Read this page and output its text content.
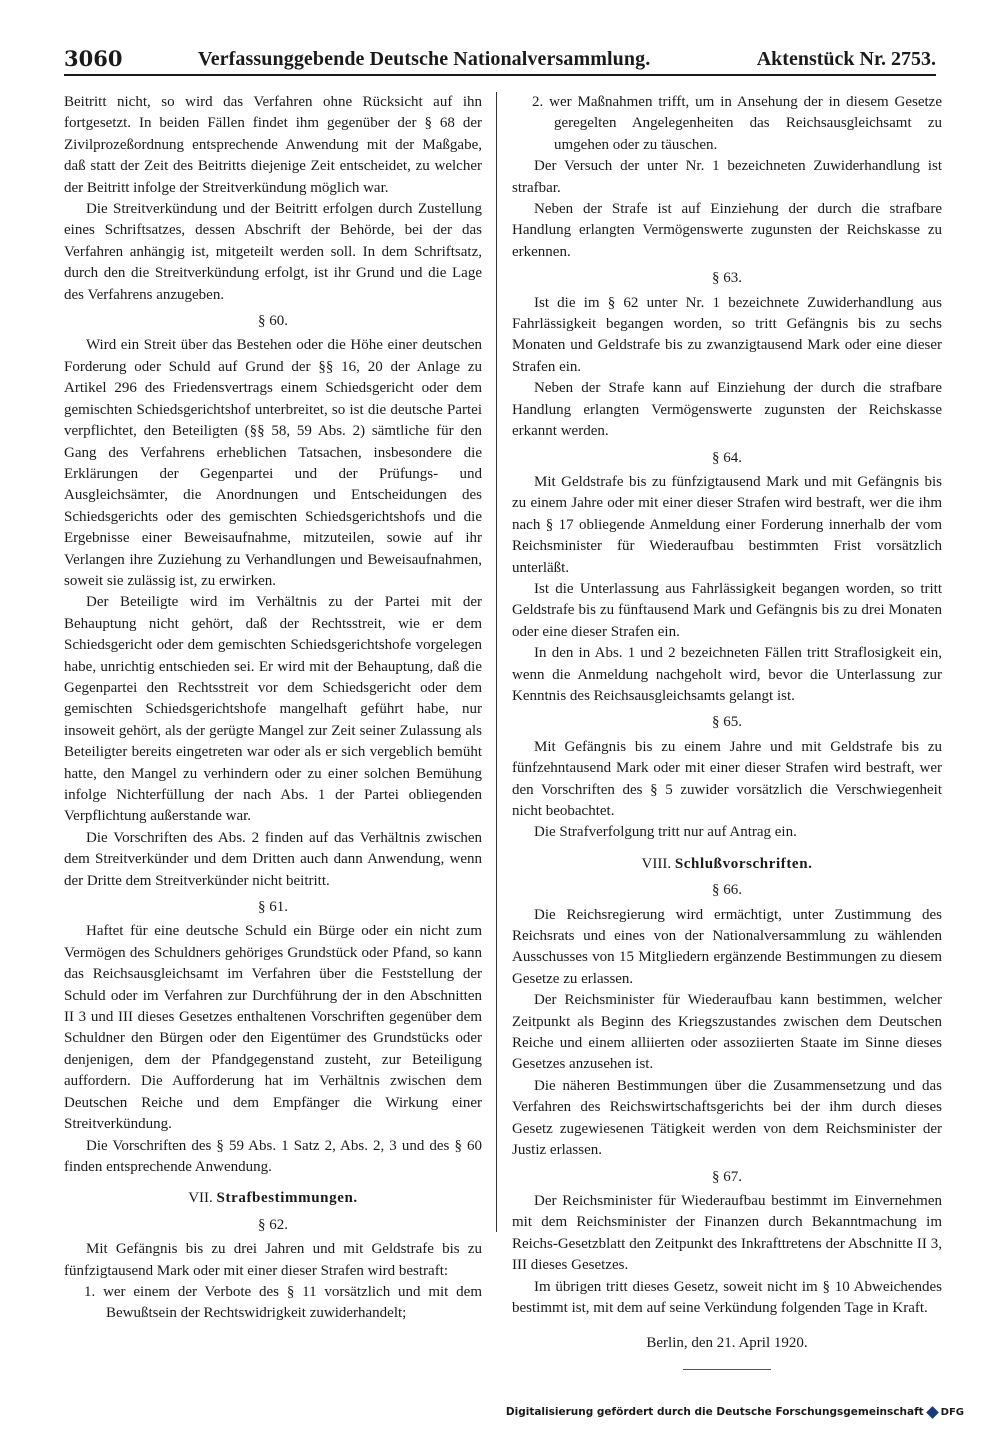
3060	Verfassunggebende Deutsche Nationalversammlung.	Aktenstück Nr. 2753.

Beitritt nicht, so wird das Verfahren ohne Rücksicht auf ihn fortgesetzt. In beiden Fällen findet ihm gegenüber der § 68 der Zivilprozeßordnung entsprechende Anwendung mit der Maßgabe, daß statt der Zeit des Beitritts diejenige Zeit entscheidet, zu welcher der Beitritt infolge der Streitverkündung möglich war.

Die Streitverkündung und der Beitritt erfolgen durch Zustellung eines Schriftsatzes, dessen Abschrift der Behörde, bei der das Verfahren anhängig ist, mitgeteilt werden soll. In dem Schriftsatz, durch den die Streitverkündung erfolgt, ist ihr Grund und die Lage des Verfahrens anzugeben.

§ 60.

Wird ein Streit über das Bestehen oder die Höhe einer deutschen Forderung oder Schuld auf Grund der §§ 16, 20 der Anlage zu Artikel 296 des Friedensvertrags einem Schiedsgericht oder dem gemischten Schiedsgerichtshof unterbreitet, so ist die deutsche Partei verpflichtet, den Beteiligten (§§ 58, 59 Abs. 2) sämtliche für den Gang des Verfahrens erheblichen Tatsachen, insbesondere die Erklärungen der Gegenpartei und der Prüfungs- und Ausgleichsämter, die Anordnungen und Entscheidungen des Schiedsgerichts oder des gemischten Schiedsgerichtshofs und die Ergebnisse einer Beweisaufnahme, mitzuteilen, sowie auf ihr Verlangen ihre Zuziehung zu Verhandlungen und Beweisaufnahmen, soweit sie zulässig ist, zu erwirken.

Der Beteiligte wird im Verhältnis zu der Partei mit der Behauptung nicht gehört, daß der Rechtsstreit, wie er dem Schiedsgericht oder dem gemischten Schiedsgerichtshofe vorgelegen habe, unrichtig entschieden sei. Er wird mit der Behauptung, daß die Gegenpartei den Rechtsstreit vor dem Schiedsgericht oder dem gemischten Schiedsgerichtshofe mangelhaft geführt habe, nur insoweit gehört, als der gerügte Mangel zur Zeit seiner Zulassung als Beteiligter bereits eingetreten war oder als er sich vergeblich bemüht hatte, den Mangel zu verhindern oder zu einer solchen Bemühung infolge Nichterfüllung der nach Abs. 1 der Partei obliegenden Verpflichtung außerstande war.

Die Vorschriften des Abs. 2 finden auf das Verhältnis zwischen dem Streitverkünder und dem Dritten auch dann Anwendung, wenn der Dritte dem Streitverkünder nicht beitritt.

§ 61.

Haftet für eine deutsche Schuld ein Bürge oder ein nicht zum Vermögen des Schuldners gehöriges Grundstück oder Pfand, so kann das Reichsausgleichsamt im Verfahren über die Feststellung der Schuld oder im Verfahren zur Durchführung der in den Abschnitten II 3 und III dieses Gesetzes enthaltenen Vorschriften gegenüber dem Schuldner den Bürgen oder den Eigentümer des Grundstücks oder denjenigen, dem der Pfandgegenstand zusteht, zur Beteiligung auffordern. Die Aufforderung hat im Verhältnis zwischen dem Deutschen Reiche und dem Empfänger die Wirkung einer Streitverkündung.

Die Vorschriften des § 59 Abs. 1 Satz 2, Abs. 2, 3 und des § 60 finden entsprechende Anwendung.

VII. Strafbestimmungen.
§ 62.

Mit Gefängnis bis zu drei Jahren und mit Geldstrafe bis zu fünfzigtausend Mark oder mit einer dieser Strafen wird bestraft:

1. wer einem der Verbote des § 11 vorsätzlich und mit dem Bewußtsein der Rechtswidrigkeit zuwiderhandelt;

2. wer Maßnahmen trifft, um in Ansehung der in diesem Gesetze geregelten Angelegenheiten das Reichsausgleichsamt zu umgehen oder zu täuschen.

Der Versuch der unter Nr. 1 bezeichneten Zuwiderhandlung ist strafbar.

Neben der Strafe ist auf Einziehung der durch die strafbare Handlung erlangten Vermögenswerte zugunsten der Reichskasse zu erkennen.

§ 63.

Ist die im § 62 unter Nr. 1 bezeichnete Zuwiderhandlung aus Fahrlässigkeit begangen worden, so tritt Gefängnis bis zu sechs Monaten und Geldstrafe bis zu zwanzigtausend Mark oder eine dieser Strafen ein.

Neben der Strafe kann auf Einziehung der durch die strafbare Handlung erlangten Vermögenswerte zugunsten der Reichskasse erkannt werden.

§ 64.

Mit Geldstrafe bis zu fünfzigtausend Mark und mit Gefängnis bis zu einem Jahre oder mit einer dieser Strafen wird bestraft, wer die ihm nach § 17 obliegende Anmeldung einer Forderung innerhalb der vom Reichsminister für Wiederaufbau bestimmten Frist vorsätzlich unterläßt.

Ist die Unterlassung aus Fahrlässigkeit begangen worden, so tritt Geldstrafe bis zu fünftausend Mark und Gefängnis bis zu drei Monaten oder eine dieser Strafen ein.

In den in Abs. 1 und 2 bezeichneten Fällen tritt Straflosigkeit ein, wenn die Anmeldung nachgeholt wird, bevor die Unterlassung zur Kenntnis des Reichsausgleichsamts gelangt ist.

§ 65.

Mit Gefängnis bis zu einem Jahre und mit Geldstrafe bis zu fünfzehntausend Mark oder mit einer dieser Strafen wird bestraft, wer den Vorschriften des § 5 zuwider vorsätzlich die Verschwiegenheit nicht beobachtet.

Die Strafverfolgung tritt nur auf Antrag ein.

VIII. Schlußvorschriften.
§ 66.

Die Reichsregierung wird ermächtigt, unter Zustimmung des Reichsrats und eines von der Nationalversammlung zu wählenden Ausschusses von 15 Mitgliedern ergänzende Bestimmungen zu diesem Gesetze zu erlassen.

Der Reichsminister für Wiederaufbau kann bestimmen, welcher Zeitpunkt als Beginn des Kriegszustandes zwischen dem Deutschen Reiche und einem alliierten oder assoziierten Staate im Sinne dieses Gesetzes anzusehen ist.

Die näheren Bestimmungen über die Zusammensetzung und das Verfahren des Reichswirtschaftsgerichts bei der ihm durch dieses Gesetz zugewiesenen Tätigkeit werden von dem Reichsminister der Justiz erlassen.

§ 67.

Der Reichsminister für Wiederaufbau bestimmt im Einvernehmen mit dem Reichsminister der Finanzen durch Bekanntmachung im Reichs-Gesetzblatt den Zeitpunkt des Inkrafttretens der Abschnitte II 3, III dieses Gesetzes.

Im übrigen tritt dieses Gesetz, soweit nicht im § 10 Abweichendes bestimmt ist, mit dem auf seine Verkündung folgenden Tage in Kraft.

Berlin, den 21. April 1920.
Digitalisierung gefördert durch die Deutsche Forschungsgemeinschaft DFG
